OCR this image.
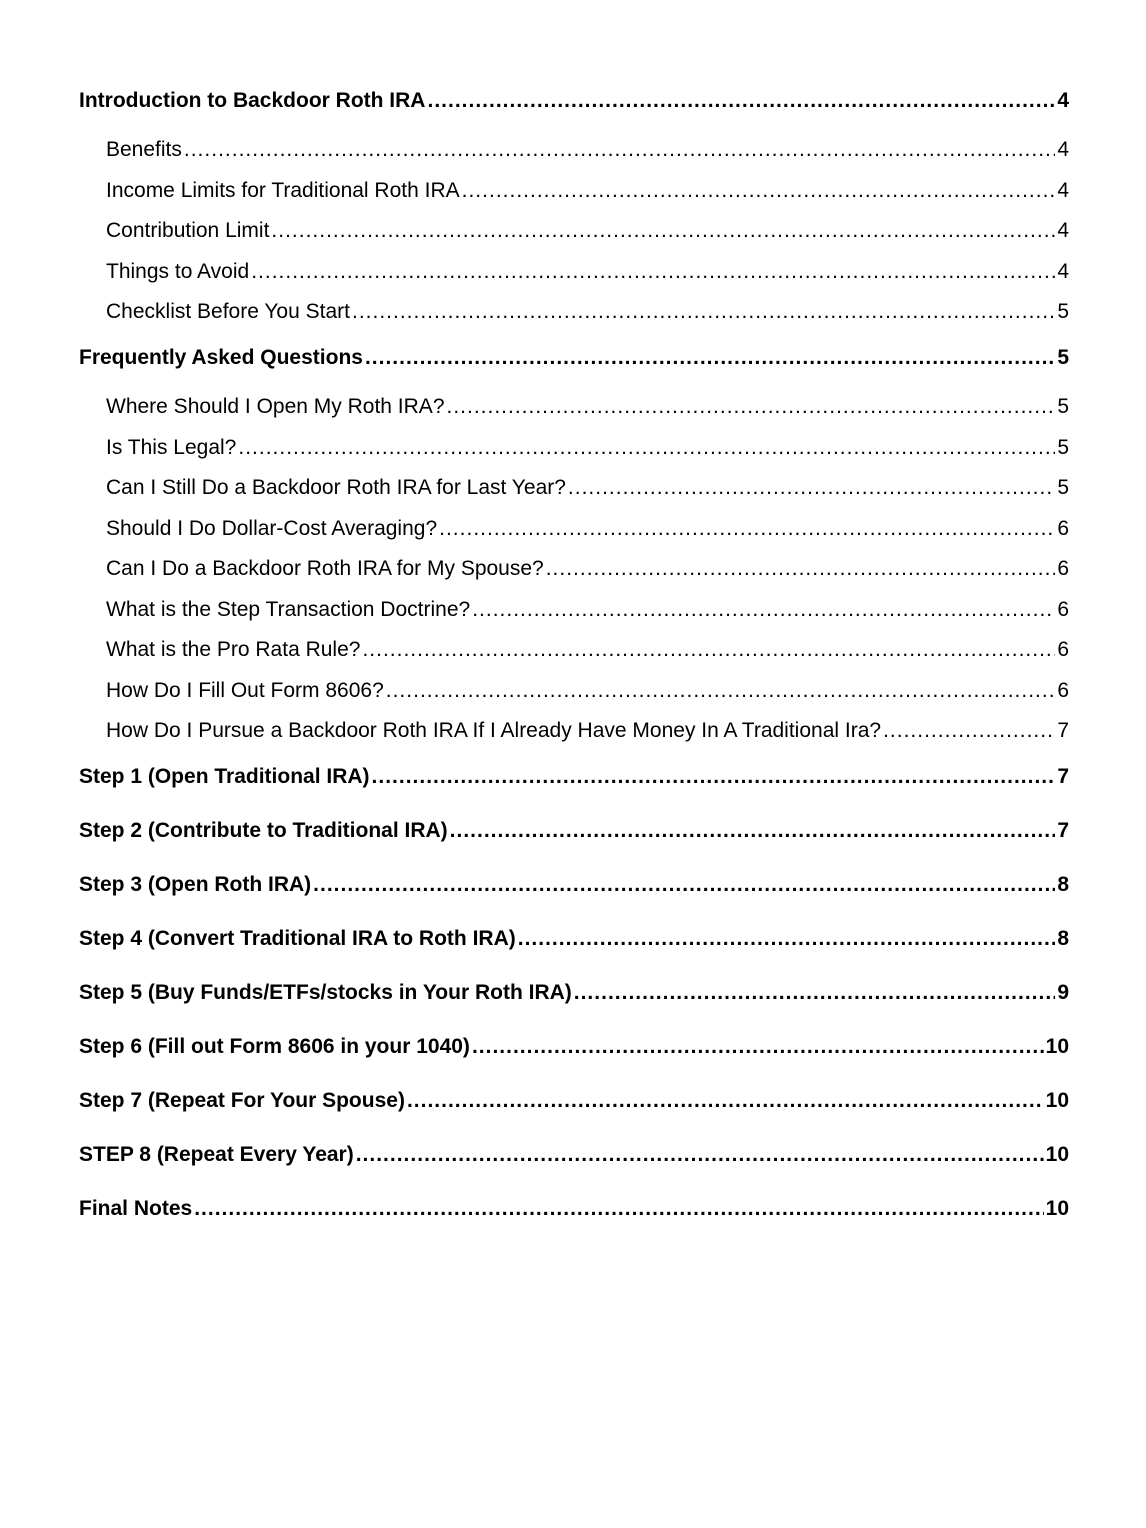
Introduction to Backdoor Roth IRA .....	4
Benefits .....	4
Income Limits for Traditional Roth IRA .....	4
Contribution Limit .....	4
Things to Avoid .....	4
Checklist Before You Start .....	5
Frequently Asked Questions .....	5
Where Should I Open My Roth IRA? .....	5
Is This Legal? .....	5
Can I Still Do a Backdoor Roth IRA for Last Year? .....	5
Should I Do Dollar-Cost Averaging? .....	6
Can I Do a Backdoor Roth IRA for My Spouse? .....	6
What is the Step Transaction Doctrine? .....	6
What is the Pro Rata Rule? .....	6
How Do I Fill Out Form 8606? .....	6
How Do I Pursue a Backdoor Roth IRA If I Already Have Money In A Traditional Ira? .....	7
Step 1 (Open Traditional IRA) .....	7
Step 2 (Contribute to Traditional IRA) .....	7
Step 3 (Open Roth IRA) .....	8
Step 4 (Convert Traditional IRA to Roth IRA) .....	8
Step 5 (Buy Funds/ETFs/stocks in Your Roth IRA) .....	9
Step 6 (Fill out Form 8606 in your 1040) .....	10
Step 7 (Repeat For Your Spouse) .....	10
STEP 8 (Repeat Every Year) .....	10
Final Notes .....	10
